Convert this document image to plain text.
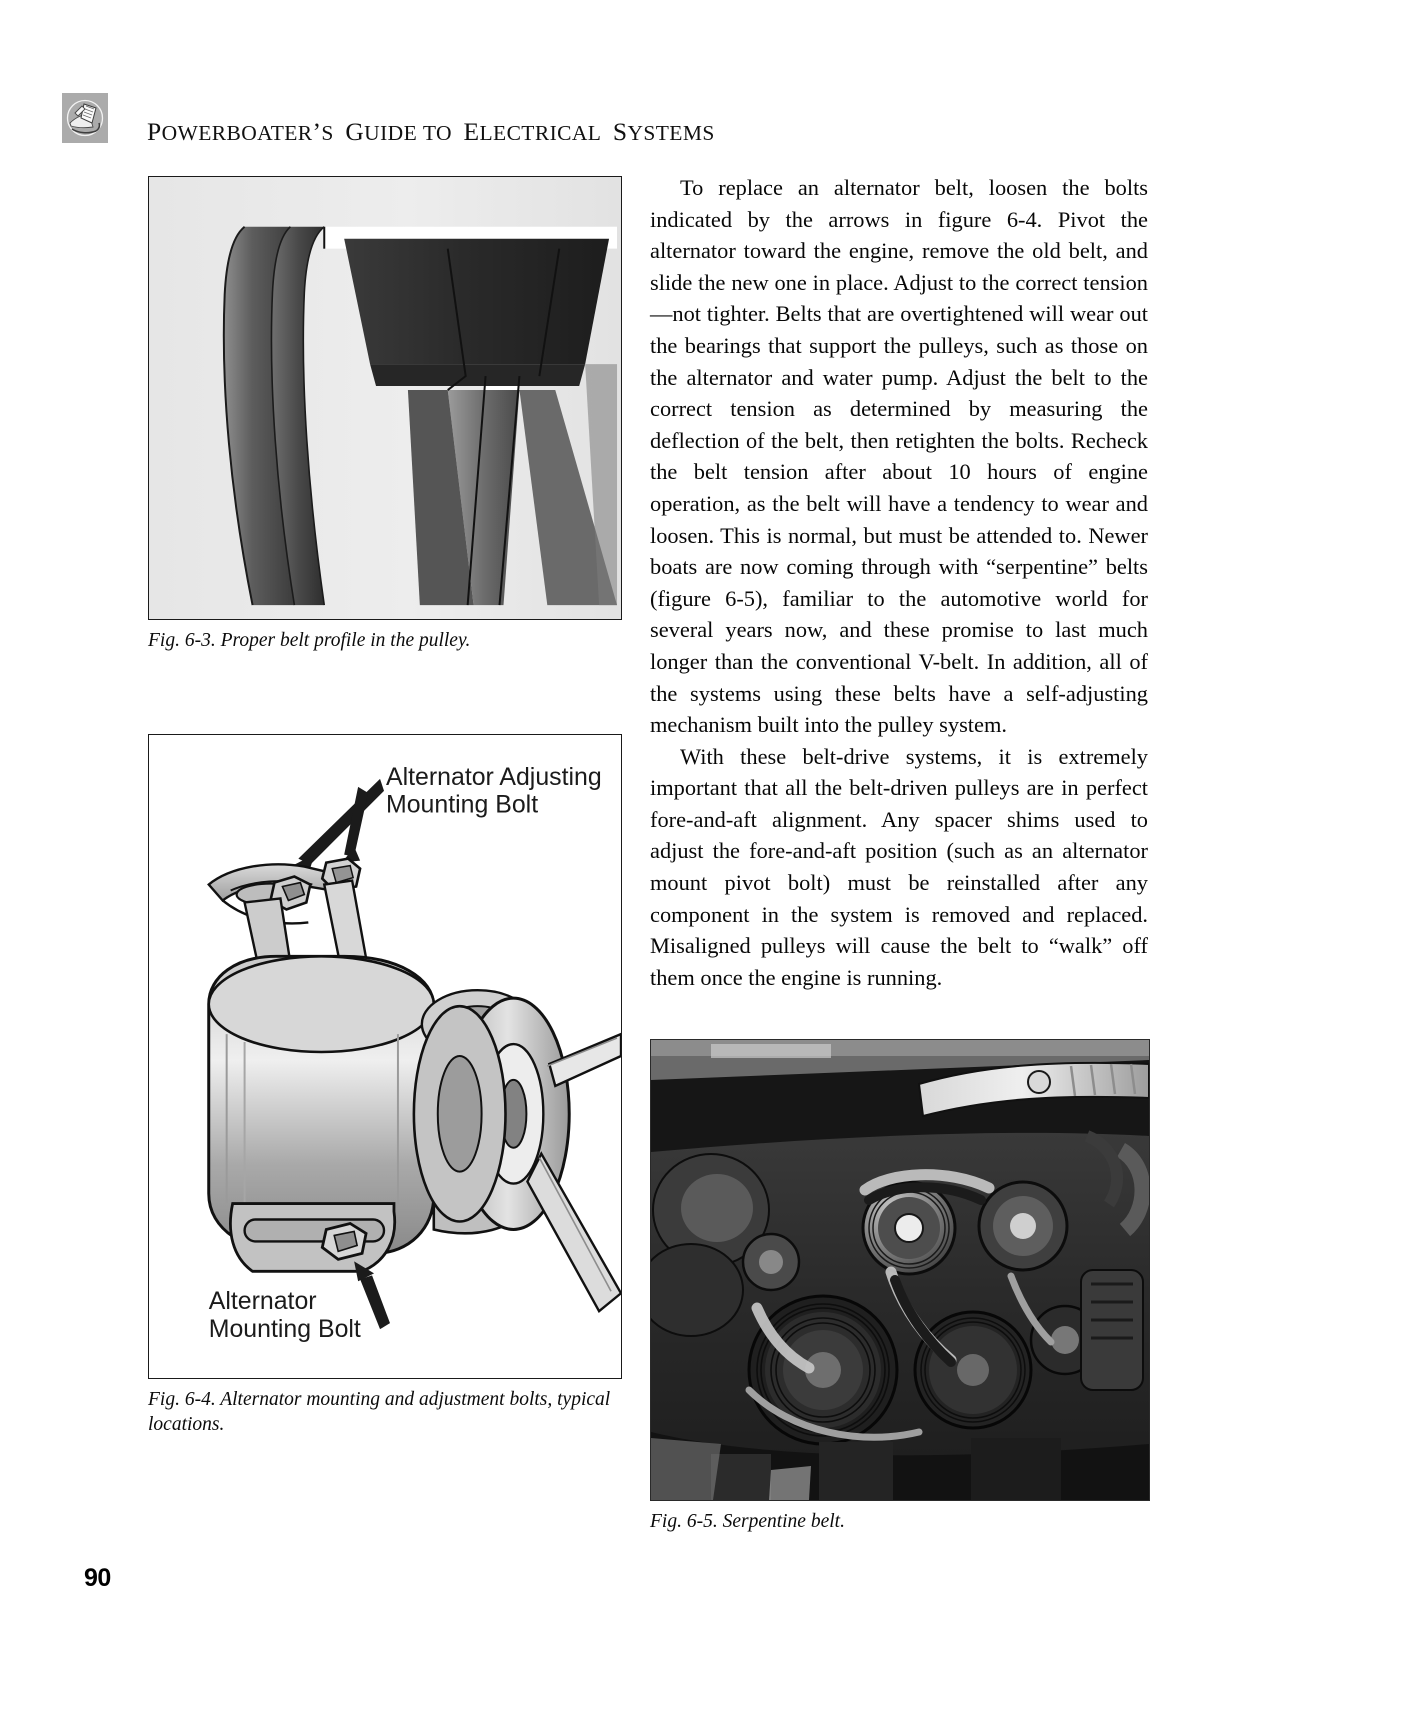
POWERBOATER’S  GUIDE TO  ELECTRICAL  SYSTEMS
Fig. 6-3. Proper belt profile in the pulley.
Alternator Adjusting
Mounting Bolt
Alternator
Mounting Bolt
Fig. 6-4. Alternator mounting and adjustment bolts, typical locations.

To replace an alternator belt, loosen the bolts indicated by the arrows in figure 6-4. Pivot the alternator toward the engine, remove the old belt, and slide the new one in place. Adjust to the correct tension—not tighter. Belts that are overtightened will wear out the bearings that support the pulleys, such as those on the alternator and water pump. Adjust the belt to the correct tension as determined by measuring the deflection of the belt, then retighten the bolts. Recheck the belt tension after about 10 hours of engine operation, as the belt will have a tendency to wear and loosen. This is normal, but must be attended to. Newer boats are now coming through with “serpentine” belts (figure 6-5), familiar to the automotive world for several years now, and these promise to last much longer than the conventional V-belt. In addition, all of the systems using these belts have a self-adjusting mechanism built into the pulley system.

With these belt-drive systems, it is extremely important that all the belt-driven pulleys are in perfect fore-and-aft alignment. Any spacer shims used to adjust the fore-and-aft position (such as an alternator mount pivot bolt) must be reinstalled after any component in the system is removed and replaced. Misaligned pulleys will cause the belt to “walk” off them once the engine is running.

Fig. 6-5. Serpentine belt.
90
